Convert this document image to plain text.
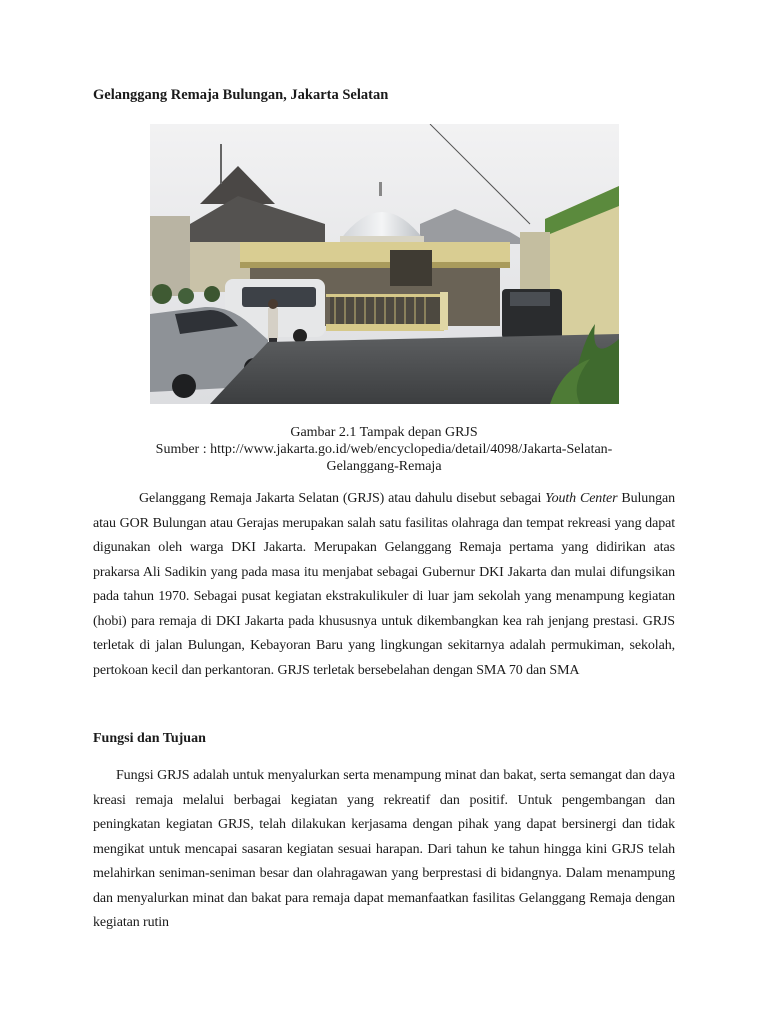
Gelanggang Remaja Bulungan, Jakarta Selatan
Gambar 2.1 Tampak depan GRJS
Sumber : http://www.jakarta.go.id/web/encyclopedia/detail/4098/Jakarta-Selatan-
Gelanggang-Remaja

Gelanggang Remaja Jakarta Selatan (GRJS) atau dahulu disebut sebagai Youth Center Bulungan atau GOR Bulungan atau Gerajas merupakan salah satu fasilitas olahraga dan tempat rekreasi yang dapat digunakan oleh warga DKI Jakarta. Merupakan Gelanggang Remaja pertama yang didirikan atas prakarsa Ali Sadikin yang pada masa itu menjabat sebagai Gubernur DKI Jakarta dan mulai difungsikan pada tahun 1970. Sebagai pusat kegiatan ekstrakulikuler di luar jam sekolah yang menampung kegiatan (hobi) para remaja di DKI Jakarta pada khususnya untuk dikembangkan kea rah jenjang prestasi. GRJS terletak di jalan Bulungan, Kebayoran Baru yang lingkungan sekitarnya adalah permukiman, sekolah, pertokoan kecil dan perkantoran. GRJS terletak bersebelahan dengan SMA 70 dan SMA

Fungsi dan Tujuan

Fungsi GRJS adalah untuk menyalurkan serta menampung minat dan bakat, serta semangat dan daya kreasi remaja melalui berbagai kegiatan yang rekreatif dan positif. Untuk pengembangan dan peningkatan kegiatan GRJS, telah dilakukan kerjasama dengan pihak yang dapat bersinergi dan tidak mengikat untuk mencapai sasaran kegiatan sesuai harapan. Dari tahun ke tahun hingga kini GRJS telah melahirkan seniman-seniman besar dan olahragawan yang berprestasi di bidangnya. Dalam menampung dan menyalurkan minat dan bakat para remaja dapat memanfaatkan fasilitas Gelanggang Remaja dengan kegiatan rutin
